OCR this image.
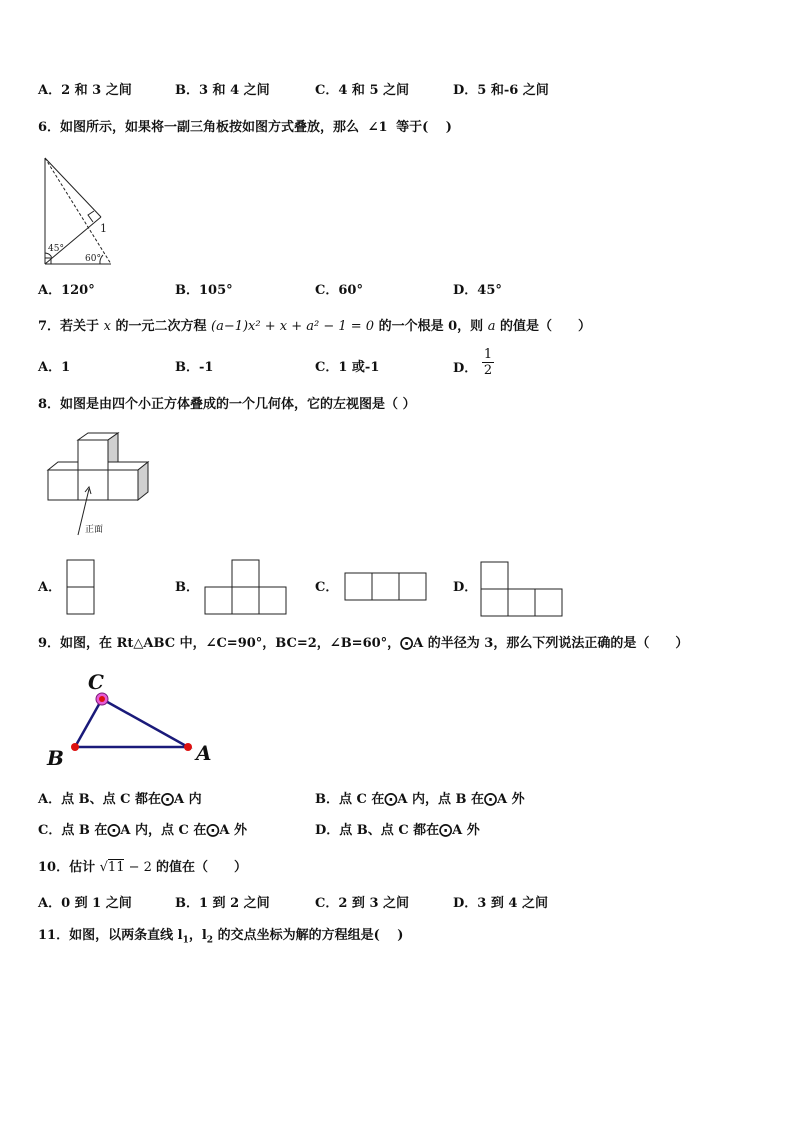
A．2 和 3 之间	B．3 和 4 之间	C．4 和 5 之间	D．5 和-6 之间
6．如图所示，如果将一副三角板按如图方式叠放，那么 ∠1 等于(　 )
45°
60°
1
A．120°	B．105°	C．60°	D．45°
7．若关于 x 的一元二次方程 (a−1)x² + x + a² − 1 = 0 的一个根是 0，则 a 的值是（　　）
A．1	B．-1	C．1 或-1	D． $\frac{1}{2}$
8．如图是由四个小正方体叠成的一个几何体，它的左视图是（ ）
正面
A．	B．	C．	D．
9．如图，在 Rt△ABC 中，∠C=90°，BC=2，∠B=60°，⨀A 的半径为 3，那么下列说法正确的是（　　）
C
B	A
A．点 B、点 C 都在⨀A 内	B．点 C 在⨀A 内，点 B 在⨀A 外
C．点 B 在⨀A 内，点 C 在⨀A 外	D．点 B、点 C 都在⨀A 外
10．估计 √11 − 2 的值在（　　）
A．0 到 1 之间	B．1 到 2 之间	C．2 到 3 之间	D．3 到 4 之间
11．如图，以两条直线 $l_1$，$l_2$ 的交点坐标为解的方程组是(　 )
